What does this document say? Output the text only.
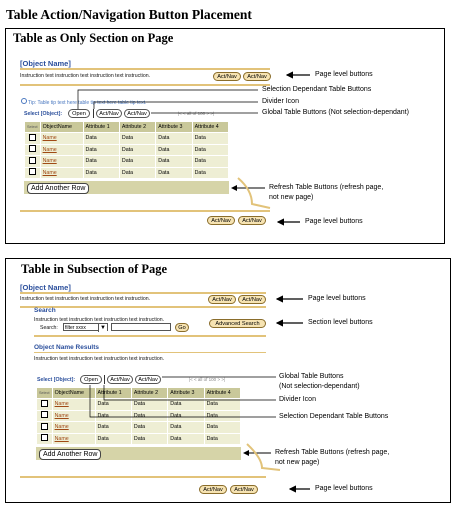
Table Action/Navigation Button Placement
Table as Only Section on Page
[Object Name]
Instruction text instruction text instruction text instruction.	Act/Nav	Act/Nav
Tip: Table tip text here table tip text here table tip text.
Select [Object]:	Open	Act/Nav	Act/Nav	|< < all of 100 > >|
Select	ObjectName	Attribute 1	Attribute 2	Attribute 3	Attribute 4
	Name	Data	Data	Data	Data
	Name	Data	Data	Data	Data
	Name	Data	Data	Data	Data
	Name	Data	Data	Data	Data
Add Another Row
Act/Nav	Act/Nav
Page level buttons
Selection Dependant Table Buttons
Divider Icon
Global Table Buttons (Not selection-dependant)
Refresh Table Buttons (refresh page,
not new page)
Page level buttons
Table in Subsection of Page
[Object Name]
Instruction text instruction text instruction text instruction.	Act/Nav	Act/Nav
Search
Instruction text instruction text instruction text instruction.
Search:	filter xxxx	▼	Go
Advanced Search
Object Name Results
Instruction text instruction text instruction text instruction.
Select [Object]:	Open	Act/Nav	Act/Nav	|< < all of 100 > >|
Select	ObjectName	Attribute 1	Attribute 2	Attribute 3	Attribute 4
	Name	Data	Data	Data	Data
	Name	Data	Data	Data	Data
	Name	Data	Data	Data	Data
	Name	Data	Data	Data	Data
Add Another Row
Act/Nav	Act/Nav
Page level buttons
Section level buttons
Global Table Buttons
(Not selection-dependant)
Divider Icon
Selection Dependant Table Buttons
Refresh Table Buttons (refresh page,
not new page)
Page level buttons
